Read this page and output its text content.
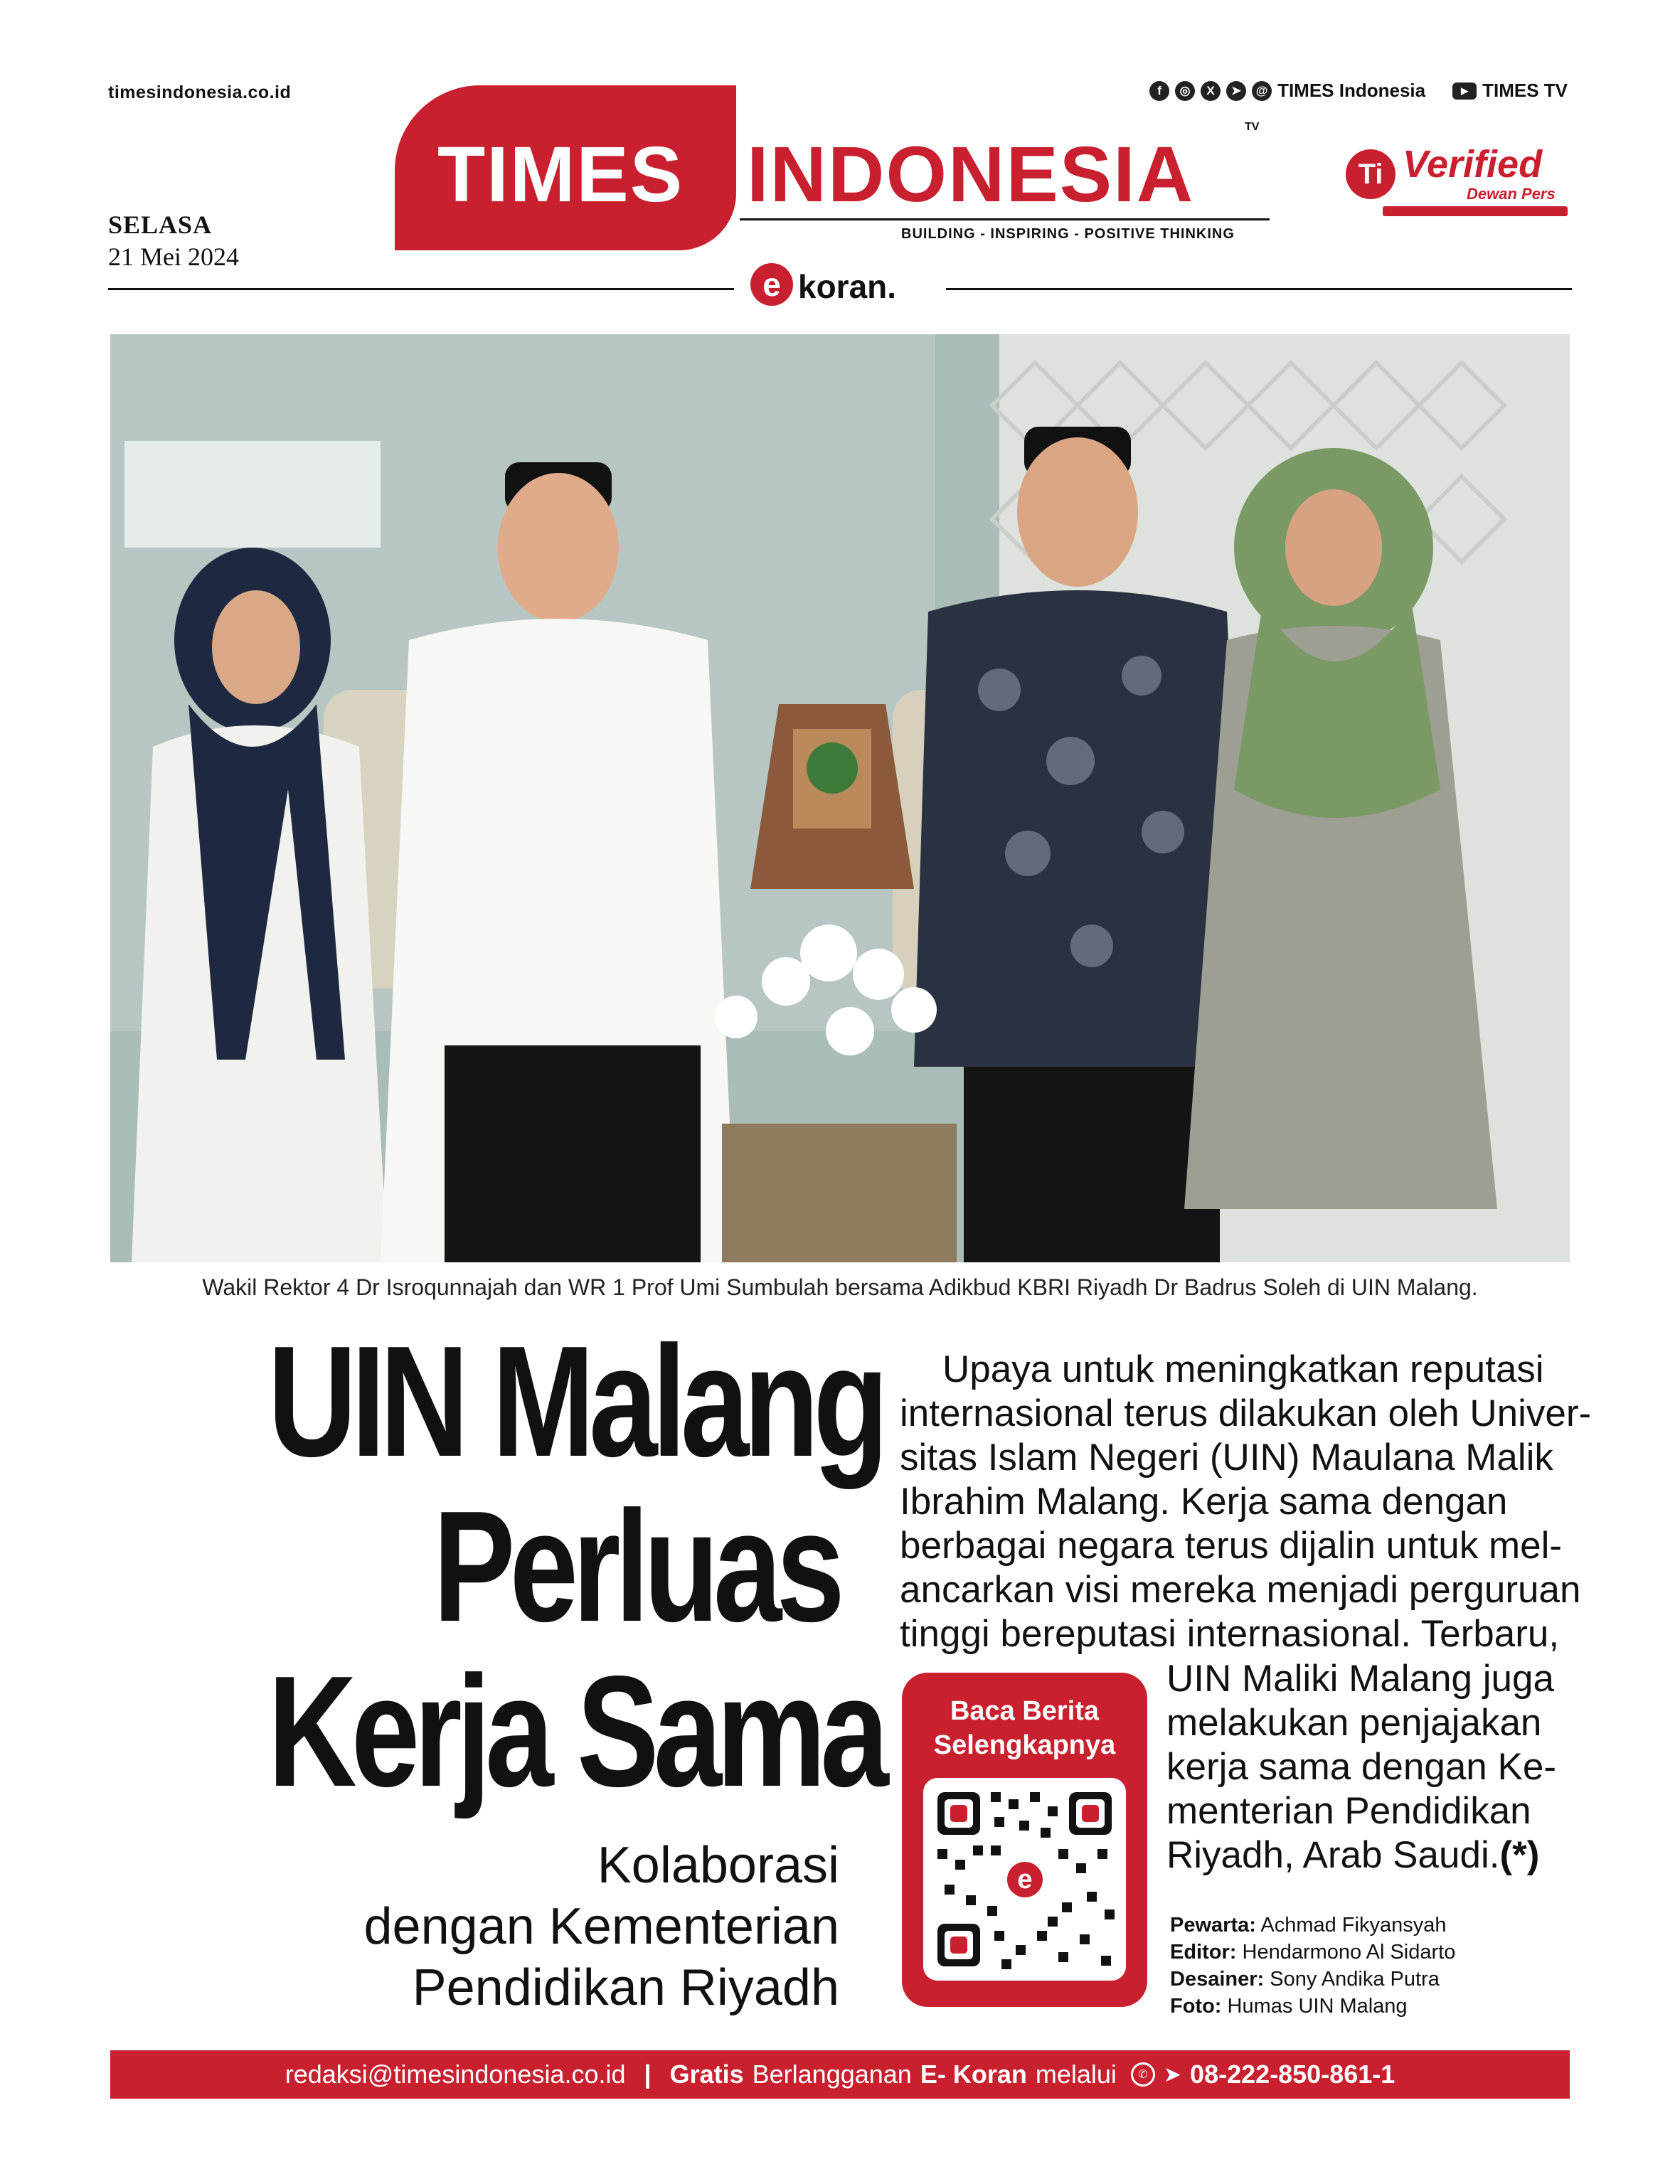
timesindonesia.co.id	f	◎	X	➤	@ TIMES Indonesia	▶ TIMES TV
TIMES INDONESIA
TV
BUILDING - INSPIRING - POSITIVE THINKING
Ti Verified
Dewan Pers
SELASA
21 Mei 2024
e koran.
Wakil Rektor 4 Dr Isroqunnajah dan WR 1 Prof Umi Sumbulah bersama Adikbud KBRI Riyadh Dr Badrus Soleh di UIN Malang.
UIN Malang
Perluas
Kerja Sama
Kolaborasi
dengan Kementerian
Pendidikan Riyadh
Upaya untuk meningkatkan reputasi
internasional terus dilakukan oleh Univer-
sitas Islam Negeri (UIN) Maulana Malik
Ibrahim Malang. Kerja sama dengan
berbagai negara terus dijalin untuk mel-
ancarkan visi mereka menjadi perguruan
tinggi bereputasi internasional. Terbaru,
UIN Maliki Malang juga
melakukan penjajakan
kerja sama dengan Ke-
menterian Pendidikan
Riyadh, Arab Saudi.(*)
Baca Berita
Selengkapnya
e
Pewarta: Achmad Fikyansyah
Editor: Hendarmono Al Sidarto
Desainer: Sony Andika Putra
Foto: Humas UIN Malang
redaksi@timesindonesia.co.id | Gratis Berlangganan E- Koran melalui	✆ ➤ 08-222-850-861-1
